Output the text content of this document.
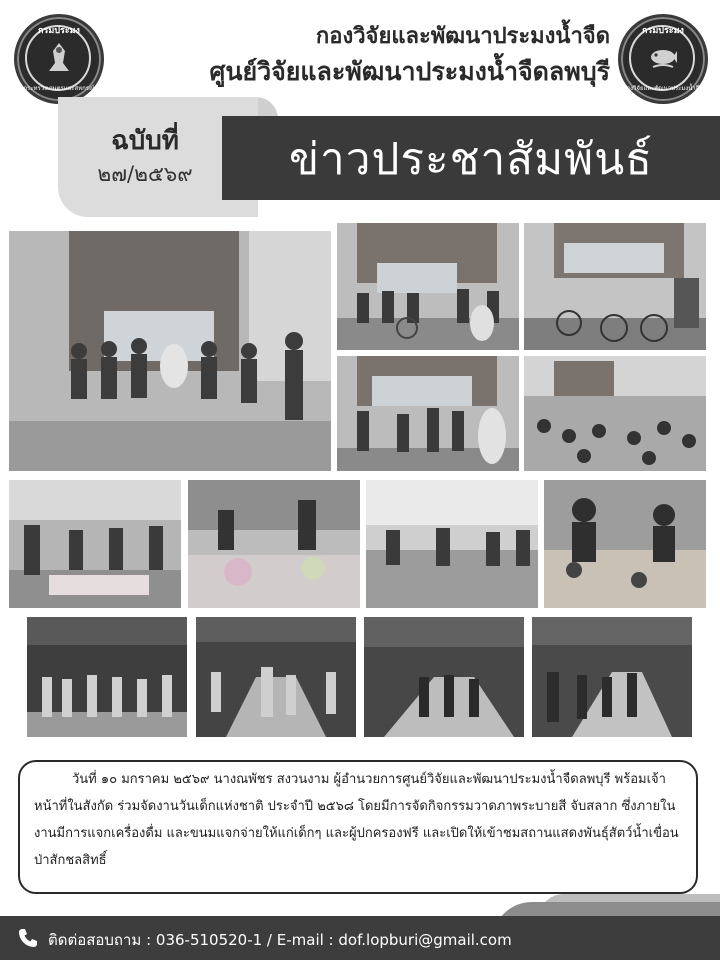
กรมประมง
กระทรวงเกษตรและสหกรณ์
กองวิจัยและพัฒนาประมงน้ำจืด
ศูนย์วิจัยและพัฒนาประมงน้ำจืดลพบุรี
กรมประมง
กองวิจัยและพัฒนาประมงน้ำจืด
ฉบับที่
๒๗/๒๕๖๙	ข่าวประชาสัมพันธ์
วันที่ ๑๐ มกราคม ๒๕๖๙ นางณพัชร สงวนงาม ผู้อำนวยการศูนย์วิจัยและพัฒนาประมงน้ำจืดลพบุรี พร้อมเจ้าหน้าที่ในสังกัด ร่วมจัดงานวันเด็กแห่งชาติ ประจำปี ๒๕๖๘ โดยมีการจัดกิจกรรมวาดภาพระบายสี จับสลาก ซึ่งภายในงานมีการแจกเครื่องดื่ม และขนมแจกจ่ายให้แก่เด็กๆ และผู้ปกครองฟรี และเปิดให้เข้าชมสถานแสดงพันธุ์สัตว์น้ำเขื่อนป่าสักชลสิทธิ์
ติดต่อสอบถาม : 036-510520-1 / E-mail : dof.lopburi@gmail.com
